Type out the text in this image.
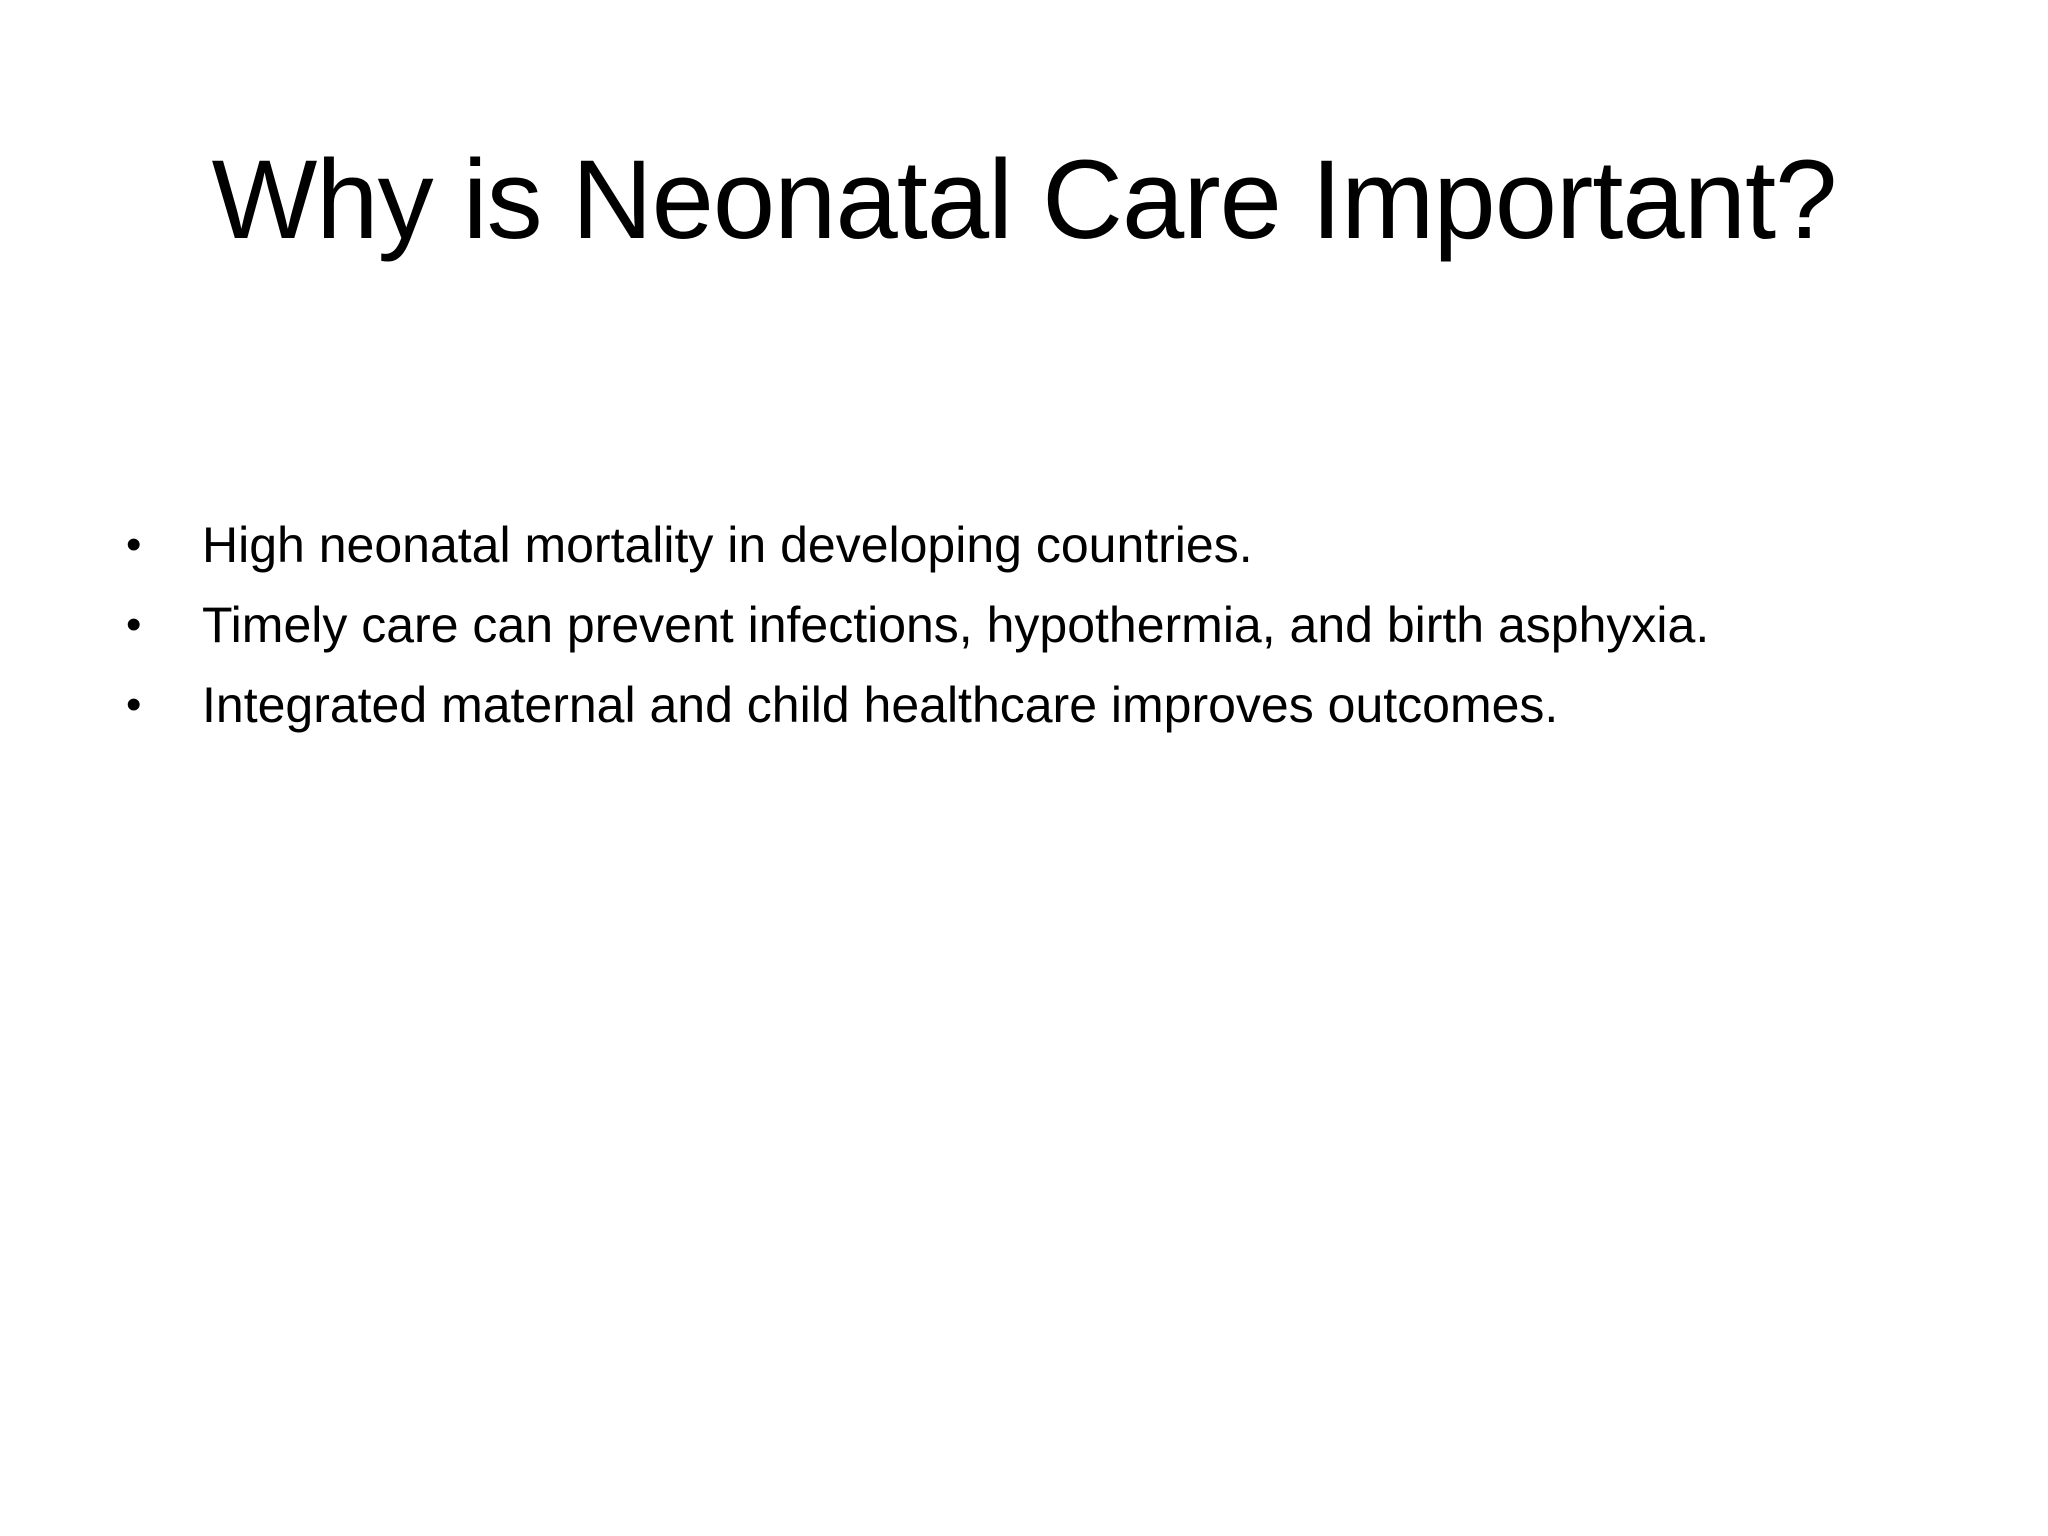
Why is Neonatal Care Important?
• High neonatal mortality in developing countries.
• Timely care can prevent infections, hypothermia, and birth asphyxia.
• Integrated maternal and child healthcare improves outcomes.
